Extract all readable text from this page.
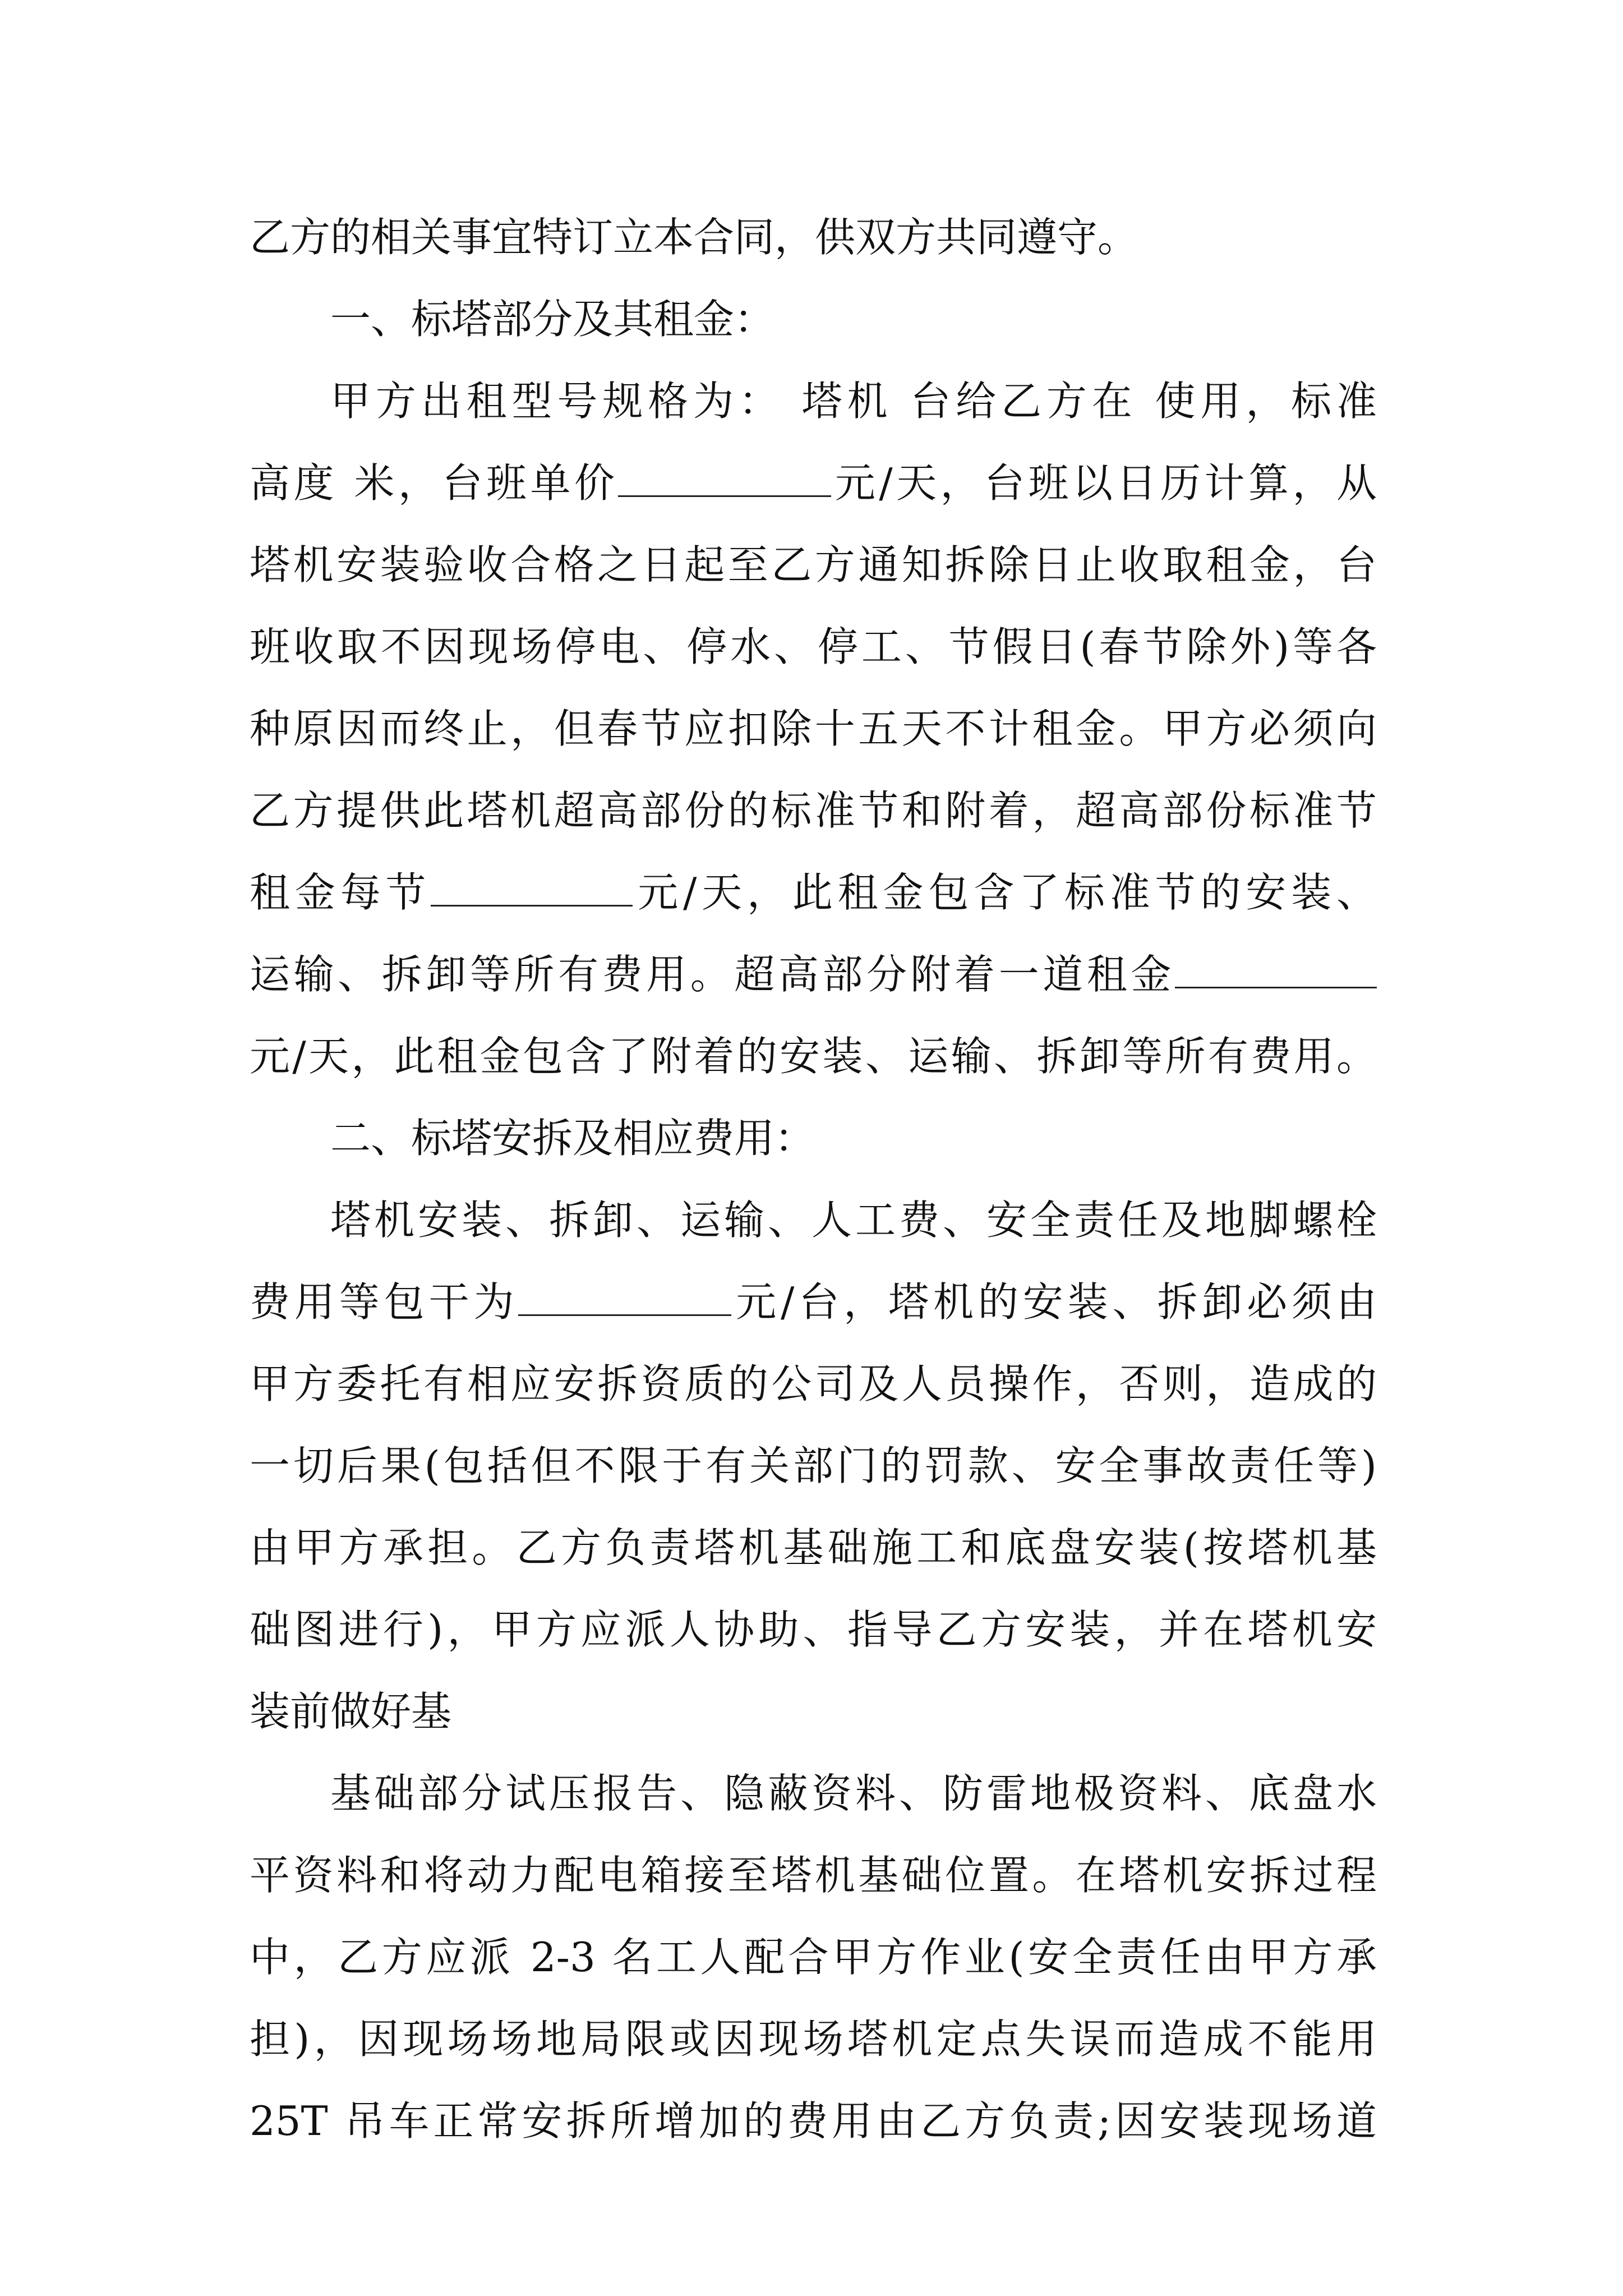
乙方的相关事宜特订立本合同，供双方共同遵守。
一、标塔部分及其租金：
甲方出租型号规格为： 塔机 台给乙方在 使用，标准
高度 米，台班单价	元/天，台班以日历计算，从
塔机安装验收合格之日起至乙方通知拆除日止收取租金，台
班收取不因现场停电、停水、停工、节假日(春节除外)等各
种原因而终止，但春节应扣除十五天不计租金。甲方必须向
乙方提供此塔机超高部份的标准节和附着，超高部份标准节
租金每节	元/天，此租金包含了标准节的安装、
运输、拆卸等所有费用。超高部分附着一道租金
元/天，此租金包含了附着的安装、运输、拆卸等所有费用。
二、标塔安拆及相应费用：
塔机安装、拆卸、运输、人工费、安全责任及地脚螺栓
费用等包干为	元/台，塔机的安装、拆卸必须由
甲方委托有相应安拆资质的公司及人员操作，否则，造成的
一切后果(包括但不限于有关部门的罚款、安全事故责任等)
由甲方承担。乙方负责塔机基础施工和底盘安装(按塔机基
础图进行)，甲方应派人协助、指导乙方安装，并在塔机安
装前做好基
基础部分试压报告、隐蔽资料、防雷地极资料、底盘水
平资料和将动力配电箱接至塔机基础位置。在塔机安拆过程
中，乙方应派 2-3 名工人配合甲方作业(安全责任由甲方承
担)，因现场场地局限或因现场塔机定点失误而造成不能用
25T 吊车正常安拆所增加的费用由乙方负责;因安装现场道
